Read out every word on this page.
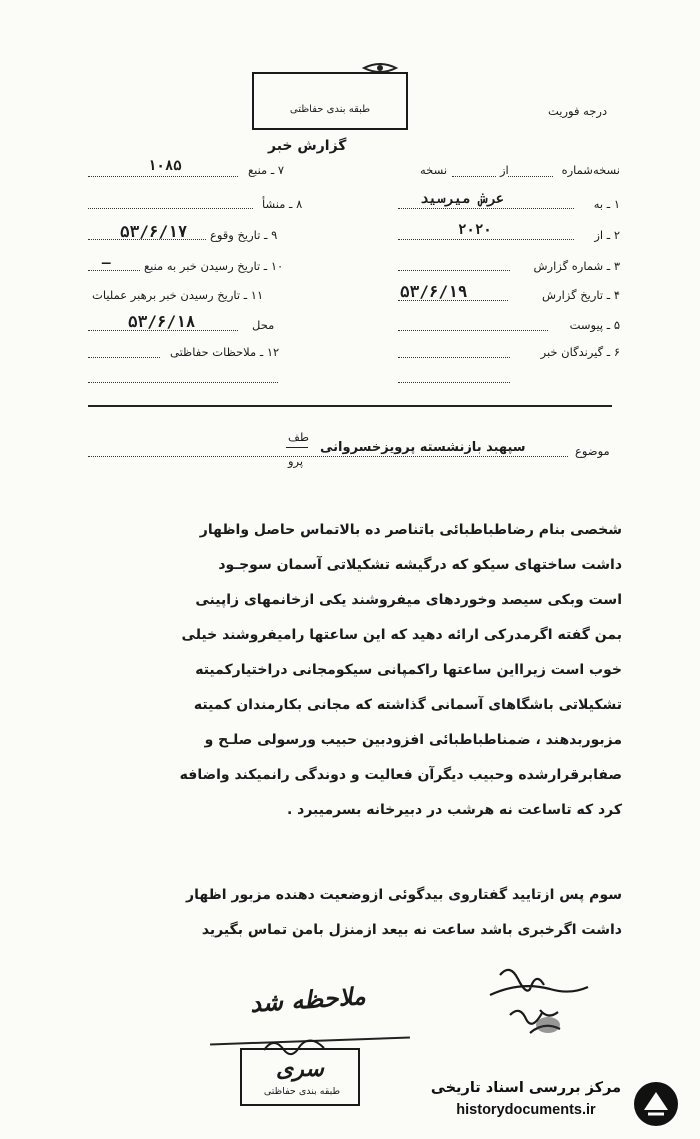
طبقه بندی حفاظتی	درجه فوریت
گزارش خبر
نسخه‌شماره
از
نسخه
۱ ـ به
عرش میرسید
۲ ـ از
۲۰۲۰
۳ ـ شماره گزارش
۴ ـ تاریخ گزارش
۵۳/۶/۱۹
۵ ـ پیوست
۶ ـ گیرندگان خبر
۷ ـ منبع
۱۰۸۵
۸ ـ منشأ
۹ ـ تاریخ وقوع
۵۳/۶/۱۷
۱۰ ـ تاریخ رسیدن خبر به منبع
ـ
۱۱ ـ تاریخ رسیدن خبر برهبر عملیات
محل
۵۳/۶/۱۸
۱۲ ـ ملاحظات حفاظتی
موضوع
سپهبد بازنشسته پرویزخسروانی
طف
پرو
شخصی بنام رضاطباطبائی باتناصر ده بالاتماس حاصل واظهار
داشت ساختهای سیکو که درگیشه تشکیلاتی آسمان سوجـود
است وبکی سیصد وخوردهای میفروشند یکی ازخانمهای زاپینی
بمن گفته اگرمدرکی ارائه دهید که این ساعتها رامیفروشند خیلی
خوب است زیرااین ساعتها راکمپانی سیکومجانی دراختیارکمیته
تشکیلاتی باشگاهای آسمانی گذاشته که مجانی بکارمندان کمیته
مزبوربدهند ، ضمناطباطبائی افزودبین حبیب ورسولی صلـح و
صفابرقرارشده وحبیب دیگرآن فعالیت و دوندگی رانمیکند واضافه
کرد که تاساعت نه هرشب در دبیرخانه بسرمیبرد .
سوم پس ازتایید گفتاروی بیدگوئی ازوضعیت دهنده مزبور اظهار
داشت اگرخبری باشد ساعت نه بیعد ازمنزل بامن تماس بگیرید
ملاحظه شد
سری
طبقه بندی حفاظتی	مرکز بررسی اسناد تاریخی
historydocuments.ir
